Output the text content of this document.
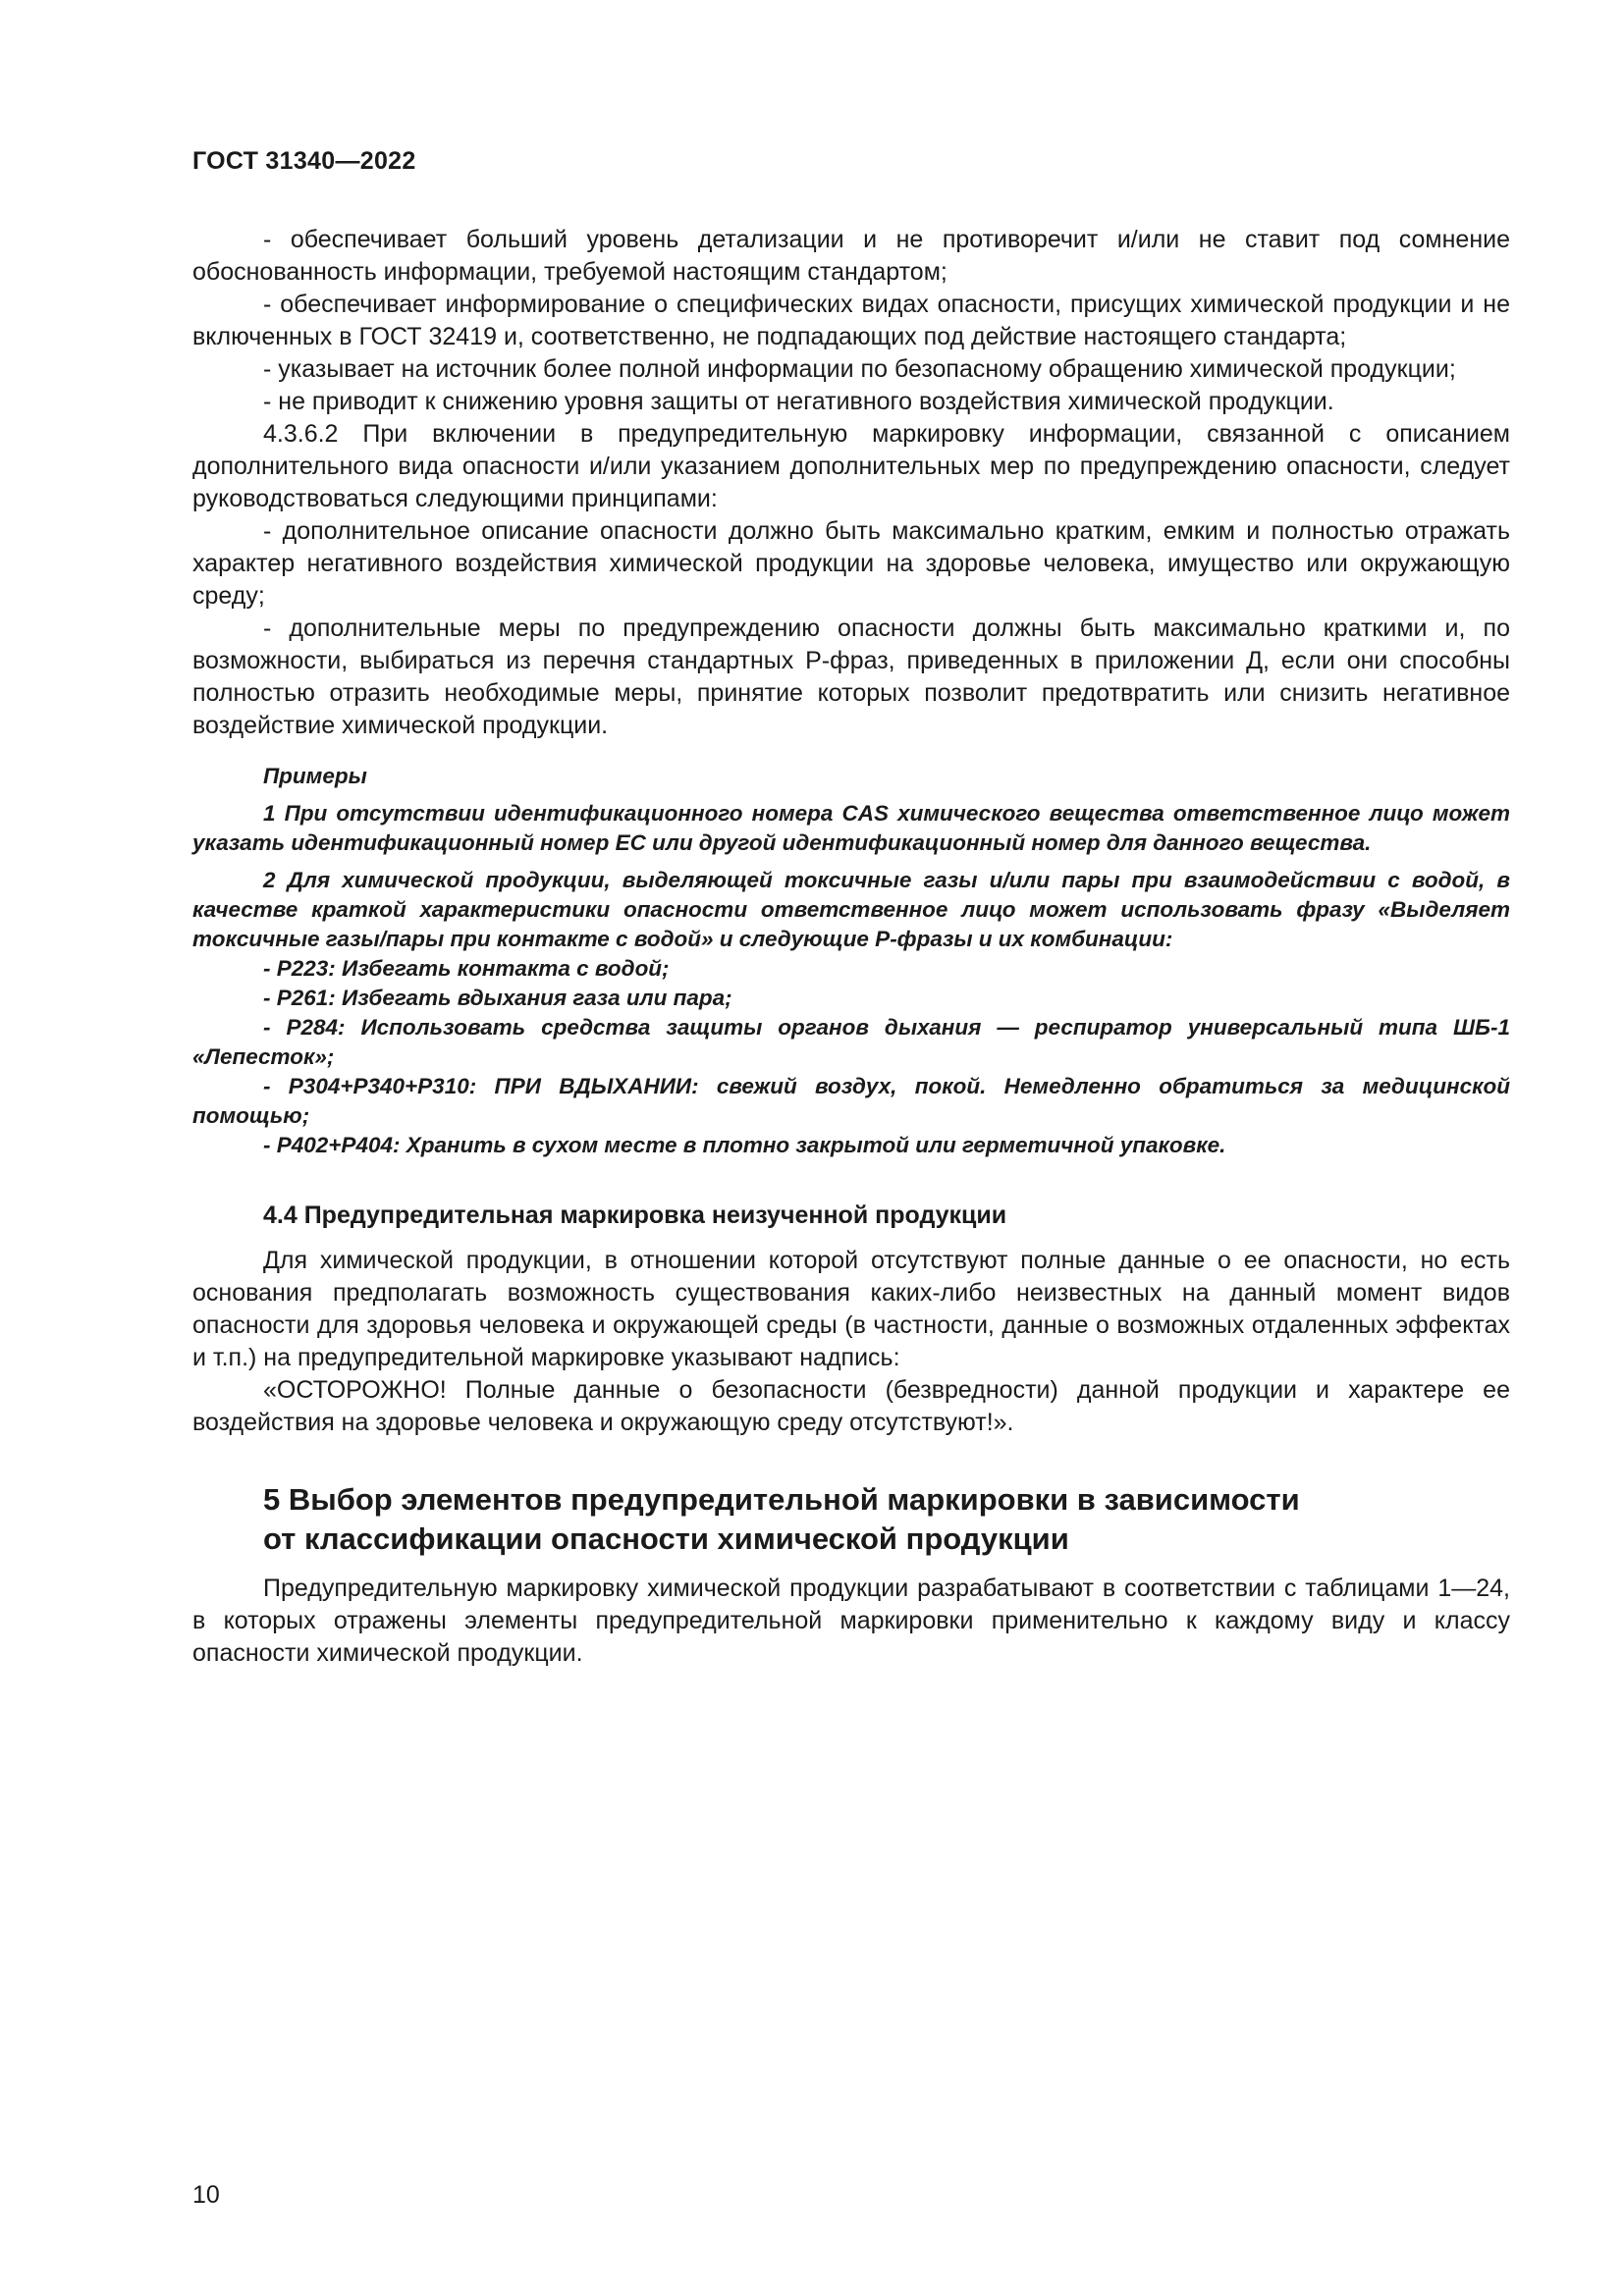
ГОСТ 31340—2022

- обеспечивает больший уровень детализации и не противоречит и/или не ставит под сомнение обоснованность информации, требуемой настоящим стандартом;

- обеспечивает информирование о специфических видах опасности, присущих химической продукции и не включенных в ГОСТ 32419 и, соответственно, не подпадающих под действие настоящего стандарта;

- указывает на источник более полной информации по безопасному обращению химической продукции;

- не приводит к снижению уровня защиты от негативного воздействия химической продукции.

4.3.6.2 При включении в предупредительную маркировку информации, связанной с описанием дополнительного вида опасности и/или указанием дополнительных мер по предупреждению опасности, следует руководствоваться следующими принципами:

- дополнительное описание опасности должно быть максимально кратким, емким и полностью отражать характер негативного воздействия химической продукции на здоровье человека, имущество или окружающую среду;

- дополнительные меры по предупреждению опасности должны быть максимально краткими и, по возможности, выбираться из перечня стандартных P-фраз, приведенных в приложении Д, если они способны полностью отразить необходимые меры, принятие которых позволит предотвратить или снизить негативное воздействие химической продукции.

Примеры

1 При отсутствии идентификационного номера CAS химического вещества ответственное лицо может указать идентификационный номер EC или другой идентификационный номер для данного вещества.

2 Для химической продукции, выделяющей токсичные газы и/или пары при взаимодействии с водой, в качестве краткой характеристики опасности ответственное лицо может использовать фразу «Выделяет токсичные газы/пары при контакте с водой» и следующие P-фразы и их комбинации:

- P223: Избегать контакта с водой;

- P261: Избегать вдыхания газа или пара;

- P284: Использовать средства защиты органов дыхания — респиратор универсальный типа ШБ-1 «Лепесток»;

- P304+P340+P310: ПРИ ВДЫХАНИИ: свежий воздух, покой. Немедленно обратиться за медицинской помощью;

- P402+P404: Хранить в сухом месте в плотно закрытой или герметичной упаковке.

4.4 Предупредительная маркировка неизученной продукции

Для химической продукции, в отношении которой отсутствуют полные данные о ее опасности, но есть основания предполагать возможность существования каких-либо неизвестных на данный момент видов опасности для здоровья человека и окружающей среды (в частности, данные о возможных отдаленных эффектах и т.п.) на предупредительной маркировке указывают надпись:

«ОСТОРОЖНО! Полные данные о безопасности (безвредности) данной продукции и характере ее воздействия на здоровье человека и окружающую среду отсутствуют!».

5 Выбор элементов предупредительной маркировки в зависимости
от классификации опасности химической продукции

Предупредительную маркировку химической продукции разрабатывают в соответствии с таблицами 1—24, в которых отражены элементы предупредительной маркировки применительно к каждому виду и классу опасности химической продукции.

10
